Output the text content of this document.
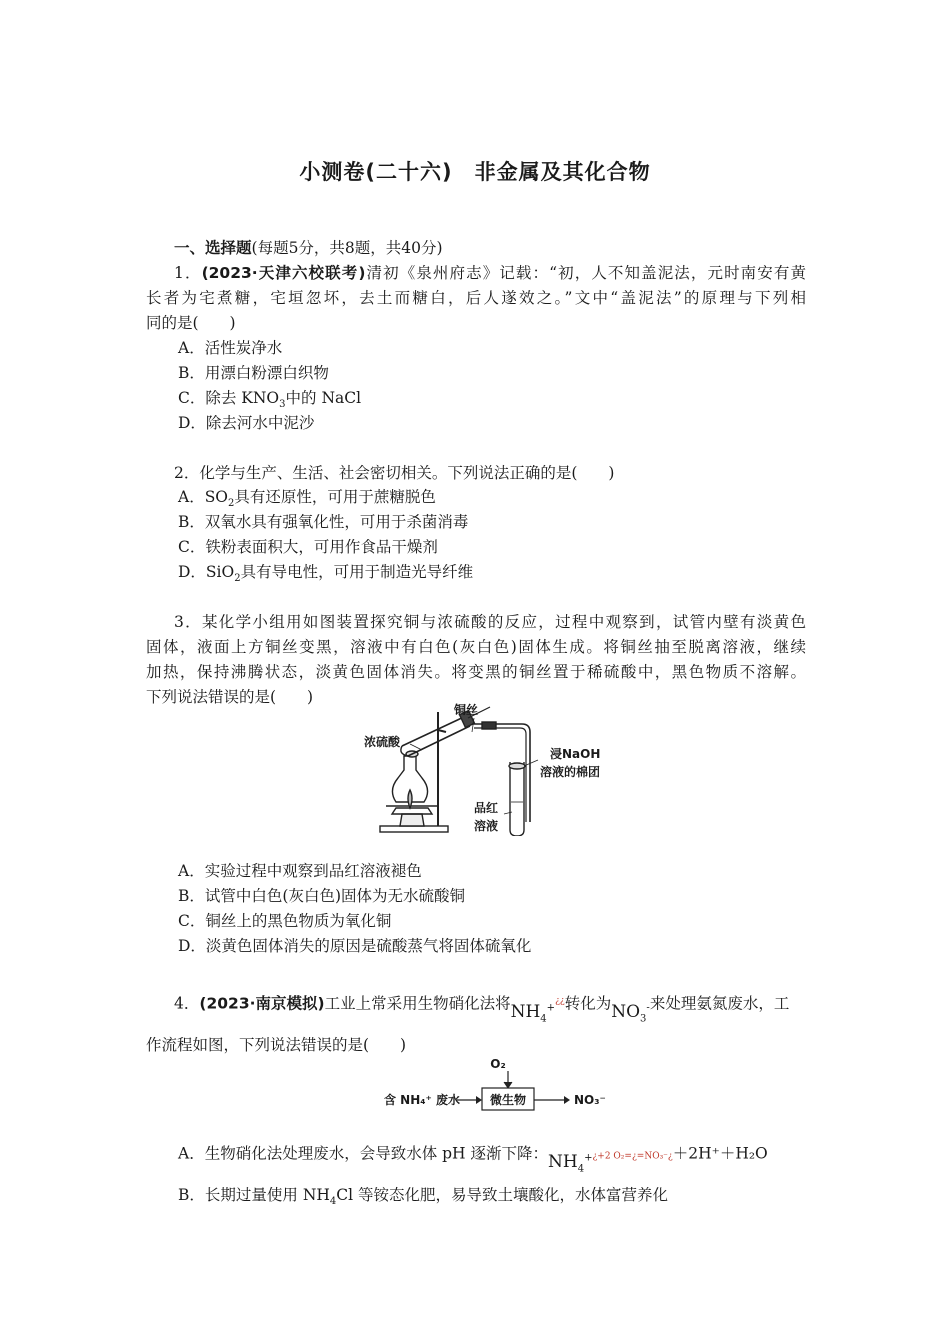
小测卷(二十六)　非金属及其化合物
一、选择题(每题5分，共8题，共40分)
1．(2023·天津六校联考)清初《泉州府志》记载：“初，人不知盖泥法，元时南安有黄
长者为宅煮糖，宅垣忽坏，去土而糖白，后人遂效之。”文中“盖泥法”的原理与下列相
同的是(　　)
A．活性炭净水
B．用漂白粉漂白织物
C．除去 $KNO_3$中的 NaCl
D．除去河水中泥沙
2．化学与生产、生活、社会密切相关。下列说法正确的是(　　)
A．$SO_2$具有还原性，可用于蔗糖脱色
B．双氧水具有强氧化性，可用于杀菌消毒
C．铁粉表面积大，可用作食品干燥剂
D．SiO$_2$具有导电性，可用于制造光导纤维
3．某化学小组用如图装置探究铜与浓硫酸的反应，过程中观察到，试管内壁有淡黄色
固体，液面上方铜丝变黑，溶液中有白色(灰白色)固体生成。将铜丝抽至脱离溶液，继续
加热，保持沸腾状态，淡黄色固体消失。将变黑的铜丝置于稀硫酸中，黑色物质不溶解。
下列说法错误的是(　　)
浓硫酸
铜丝
浸NaOH
溶液的棉团
品红
溶液
A．实验过程中观察到品红溶液褪色
B．试管中白色(灰白色)固体为无水硫酸铜
C．铜丝上的黑色物质为氧化铜
D．淡黄色固体消失的原因是硫酸蒸气将固体硫氧化
4．(2023·南京模拟)工业上常采用生物硝化法将$NH_4^{+¿¿}$转化为$NO_3^-$来处理氨氮废水，工
作流程如图，下列说法错误的是(　　)
O₂
含 NH₄⁺ 废水 微生物	NO₃⁻
A．生物硝化法处理废水，会导致水体 pH 逐渐下降：$NH_4^+¿+2$ O₂=¿=NO₃⁻¿＋2H⁺＋H₂O
B．长期过量使用 $NH_4Cl$ 等铵态化肥，易导致土壤酸化，水体富营养化
